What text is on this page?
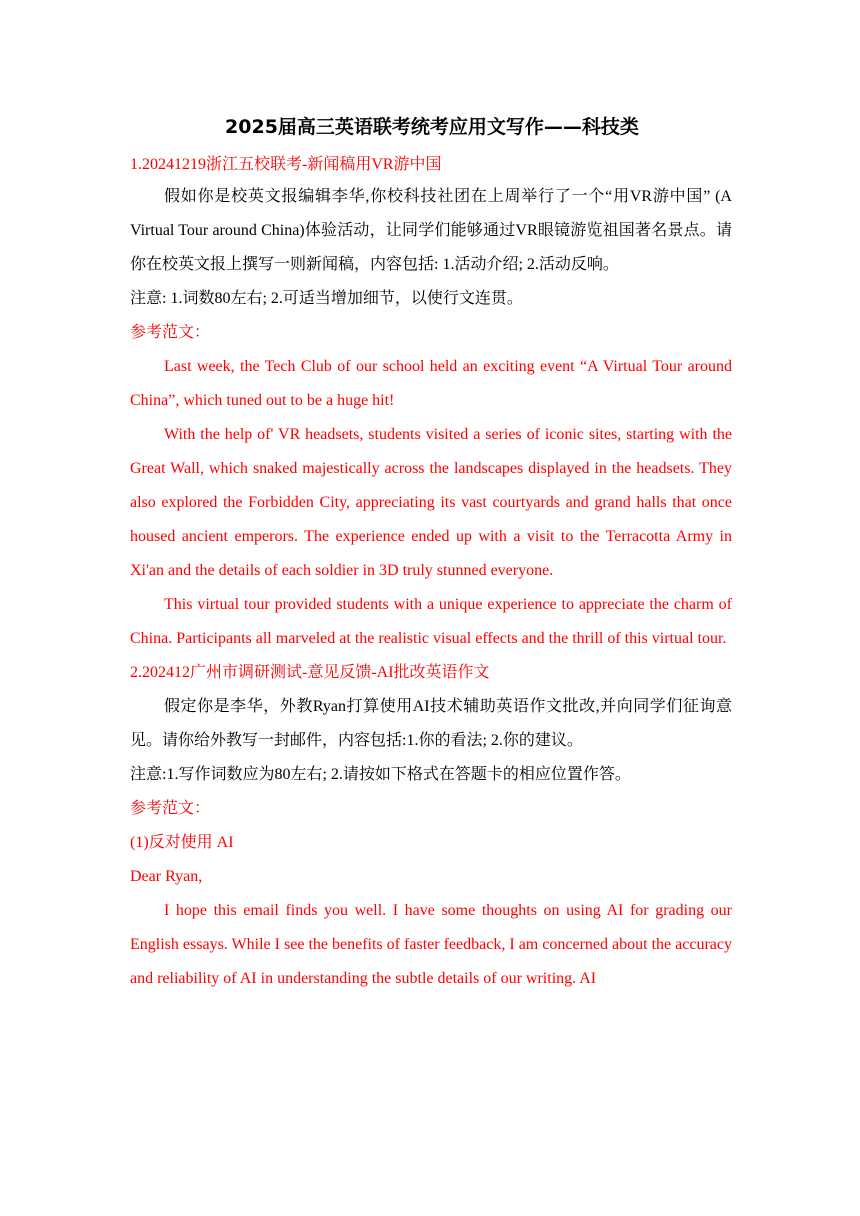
2025届高三英语联考统考应用文写作——科技类

1.20241219浙江五校联考-新闻稿用VR游中国

假如你是校英文报编辑李华,你校科技社团在上周举行了一个“用VR游中国” (A Virtual Tour around China)体验活动，让同学们能够通过VR眼镜游览祖国著名景点。请你在校英文报上撰写一则新闻稿，内容包括: 1.活动介绍; 2.活动反响。

注意: 1.词数80左右; 2.可适当增加细节，以使行文连贯。

参考范文：

Last week, the Tech Club of our school held an exciting event “A Virtual Tour around China”, which tuned out to be a huge hit!

With the help of' VR headsets, students visited a series of iconic sites, starting with the Great Wall, which snaked majestically across the landscapes displayed in the headsets. They also explored the Forbidden City, appreciating its vast courtyards and grand halls that once housed ancient emperors. The experience ended up with a visit to the Terracotta Army in Xi'an and the details of each soldier in 3D truly stunned everyone.

This virtual tour provided students with a unique experience to appreciate the charm of China. Participants all marveled at the realistic visual effects and the thrill of this virtual tour.

2.202412广州市调研测试-意见反馈-AI批改英语作文

假定你是李华，外教Ryan打算使用AI技术辅助英语作文批改,并向同学们征询意见。请你给外教写一封邮件，内容包括:1.你的看法; 2.你的建议。

注意:1.写作词数应为80左右; 2.请按如下格式在答题卡的相应位置作答。

参考范文：

(1)反对使用 AI

Dear Ryan,

I hope this email finds you well. I have some thoughts on using AI for grading our English essays. While I see the benefits of faster feedback, I am concerned about the accuracy and reliability of AI in understanding the subtle details of our writing. AI
